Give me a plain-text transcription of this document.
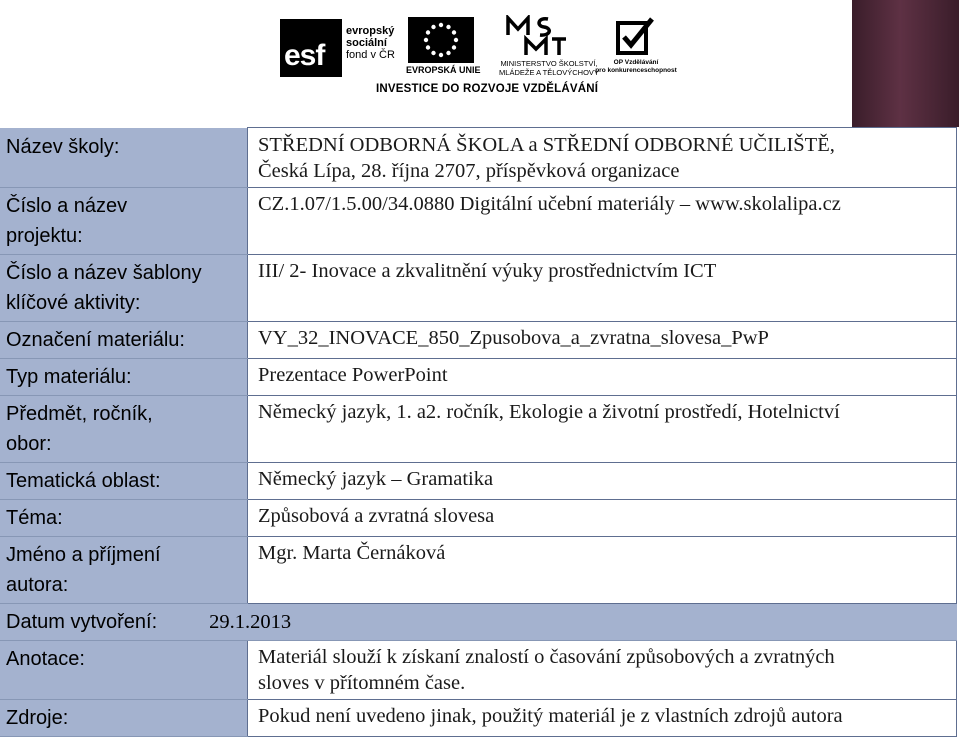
esf
evropský
sociální
fond v ČR
EVROPSKÁ UNIE
MINISTERSTVO ŠKOLSTVÍ,
MLÁDEŽE A TĚLOVÝCHOVY
OP Vzdělávání
pro konkurenceschopnost
INVESTICE DO ROZVOJE VZDĚLÁVÁNÍ
Název školy:	STŘEDNÍ ODBORNÁ ŠKOLA a STŘEDNÍ ODBORNÉ UČILIŠTĚ,
Česká Lípa, 28. října 2707, příspěvková organizace

Číslo a název
projektu:	CZ.1.07/1.5.00/34.0880 Digitální učební materiály – www.skolalipa.cz

Číslo a název šablony
klíčové aktivity:	III/ 2- Inovace a zkvalitnění výuky prostřednictvím ICT
Označení materiálu:	VY_32_INOVACE_850_Zpusobova_a_zvratna_slovesa_PwP
Typ materiálu:	Prezentace PowerPoint

Předmět, ročník,
obor:	Německý jazyk, 1. a2. ročník, Ekologie a životní prostředí, Hotelnictví
Tematická oblast:	Německý jazyk – Gramatika
Téma:	Způsobová a zvratná slovesa

Jméno a příjmení
autora:	Mgr. Marta Černáková
Datum vytvoření: 29.1.2013	
Anotace:	Materiál slouží k získaní znalostí o časování způsobových a zvratných
sloves v přítomném čase.

Zdroje:	Pokud není uvedeno jinak, použitý materiál je z vlastních zdrojů autora
